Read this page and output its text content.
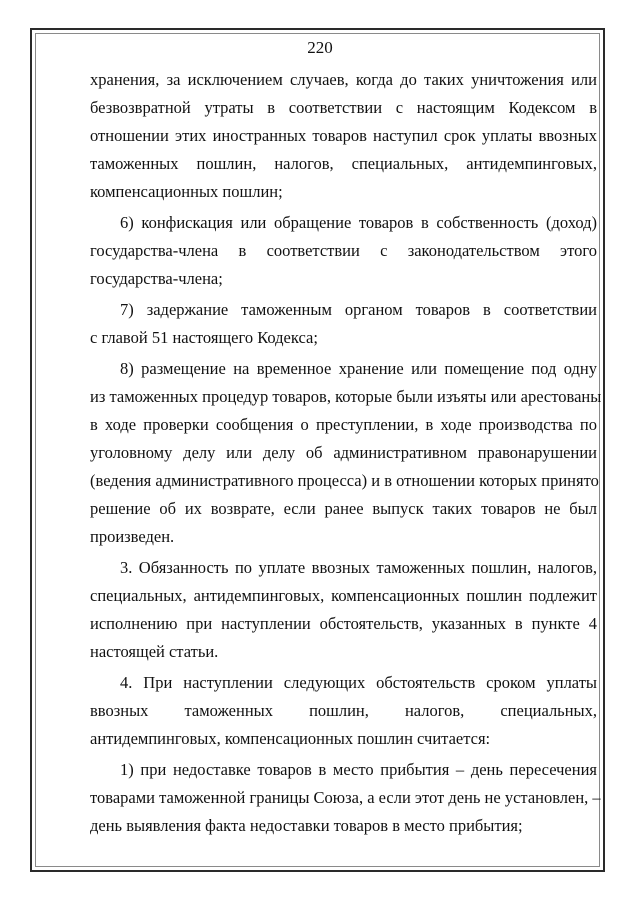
220
хранения, за исключением случаев, когда до таких уничтожения или
безвозвратной утраты в соответствии с настоящим Кодексом в
отношении этих иностранных товаров наступил срок уплаты ввозных
таможенных пошлин, налогов, специальных, антидемпинговых,
компенсационных пошлин;
6) конфискация или обращение товаров в собственность (доход)
государства-члена в соответствии с законодательством этого
государства-члена;
7) задержание таможенным органом товаров в соответствии
с главой 51 настоящего Кодекса;
8) размещение на временное хранение или помещение под одну
из таможенных процедур товаров, которые были изъяты или арестованы
в ходе проверки сообщения о преступлении, в ходе производства по
уголовному делу или делу об административном правонарушении
(ведения административного процесса) и в отношении которых принято
решение об их возврате, если ранее выпуск таких товаров не был
произведен.
3. Обязанность по уплате ввозных таможенных пошлин, налогов,
специальных, антидемпинговых, компенсационных пошлин подлежит
исполнению при наступлении обстоятельств, указанных в пункте 4
настоящей статьи.
4. При наступлении следующих обстоятельств сроком уплаты
ввозных таможенных пошлин, налогов, специальных,
антидемпинговых, компенсационных пошлин считается:
1) при недоставке товаров в место прибытия – день пересечения
товарами таможенной границы Союза, а если этот день не установлен, –
день выявления факта недоставки товаров в место прибытия;
